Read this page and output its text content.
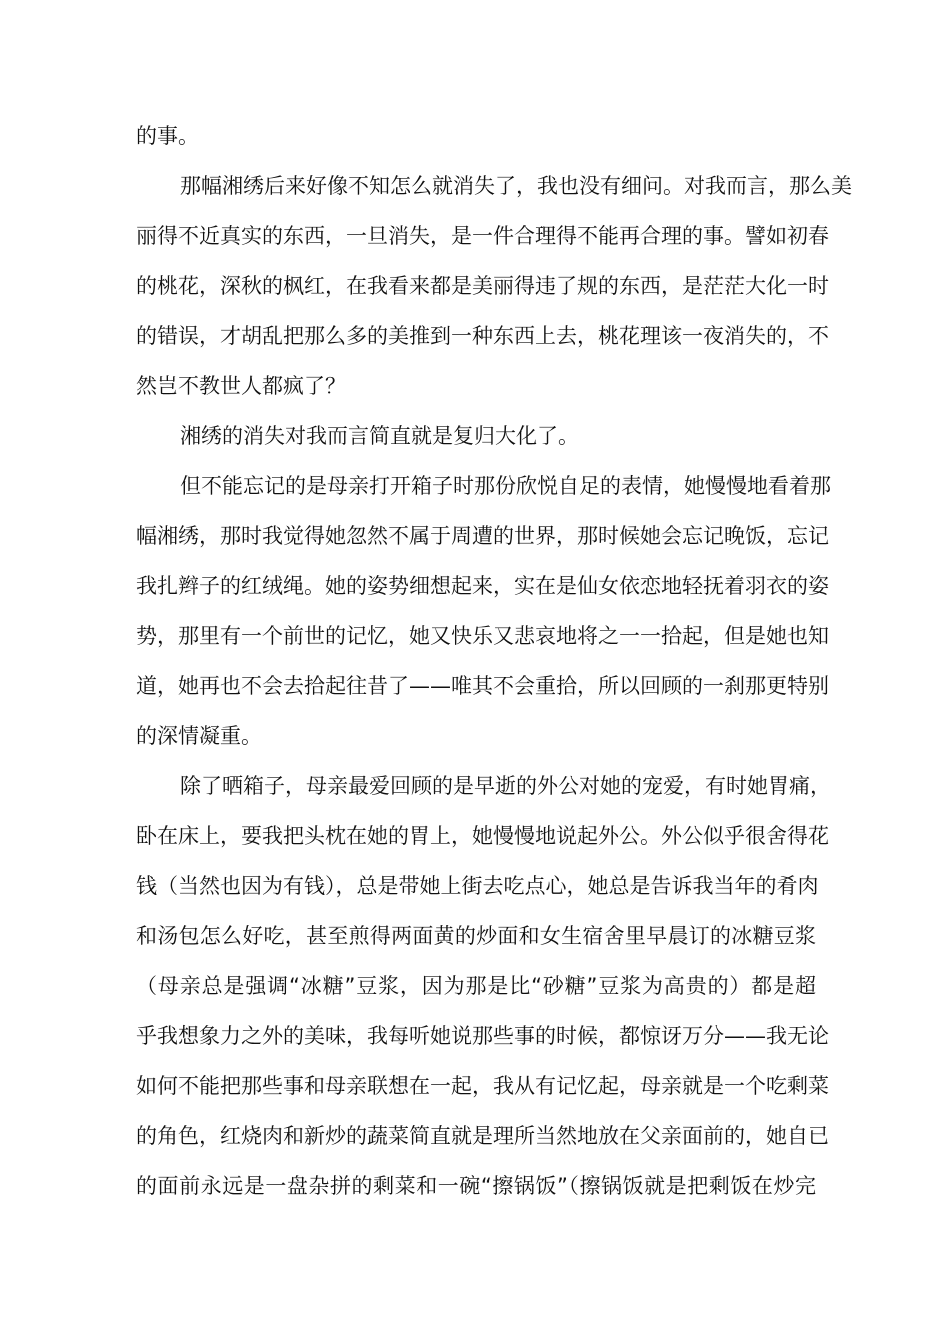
的事。
那幅湘绣后来好像不知怎么就消失了，我也没有细问。对我而言，那么美
丽得不近真实的东西，一旦消失，是一件合理得不能再合理的事。譬如初春
的桃花，深秋的枫红，在我看来都是美丽得违了规的东西，是茫茫大化一时
的错误，才胡乱把那么多的美推到一种东西上去，桃花理该一夜消失的，不
然岂不教世人都疯了？
湘绣的消失对我而言简直就是复归大化了。
但不能忘记的是母亲打开箱子时那份欣悦自足的表情，她慢慢地看着那
幅湘绣，那时我觉得她忽然不属于周遭的世界，那时候她会忘记晚饭，忘记
我扎辫子的红绒绳。她的姿势细想起来，实在是仙女依恋地轻抚着羽衣的姿
势，那里有一个前世的记忆，她又快乐又悲哀地将之一一拾起，但是她也知
道，她再也不会去拾起往昔了——唯其不会重拾，所以回顾的一刹那更特别
的深情凝重。
除了晒箱子，母亲最爱回顾的是早逝的外公对她的宠爱，有时她胃痛，
卧在床上，要我把头枕在她的胃上，她慢慢地说起外公。外公似乎很舍得花
钱（当然也因为有钱），总是带她上街去吃点心，她总是告诉我当年的肴肉
和汤包怎么好吃，甚至煎得两面黄的炒面和女生宿舍里早晨订的冰糖豆浆
（母亲总是强调“冰糖”豆浆，因为那是比“砂糖”豆浆为高贵的）都是超
乎我想象力之外的美味，我每听她说那些事的时候，都惊讶万分——我无论
如何不能把那些事和母亲联想在一起，我从有记忆起，母亲就是一个吃剩菜
的角色，红烧肉和新炒的蔬菜简直就是理所当然地放在父亲面前的，她自已
的面前永远是一盘杂拼的剩菜和一碗“擦锅饭”（擦锅饭就是把剩饭在炒完
